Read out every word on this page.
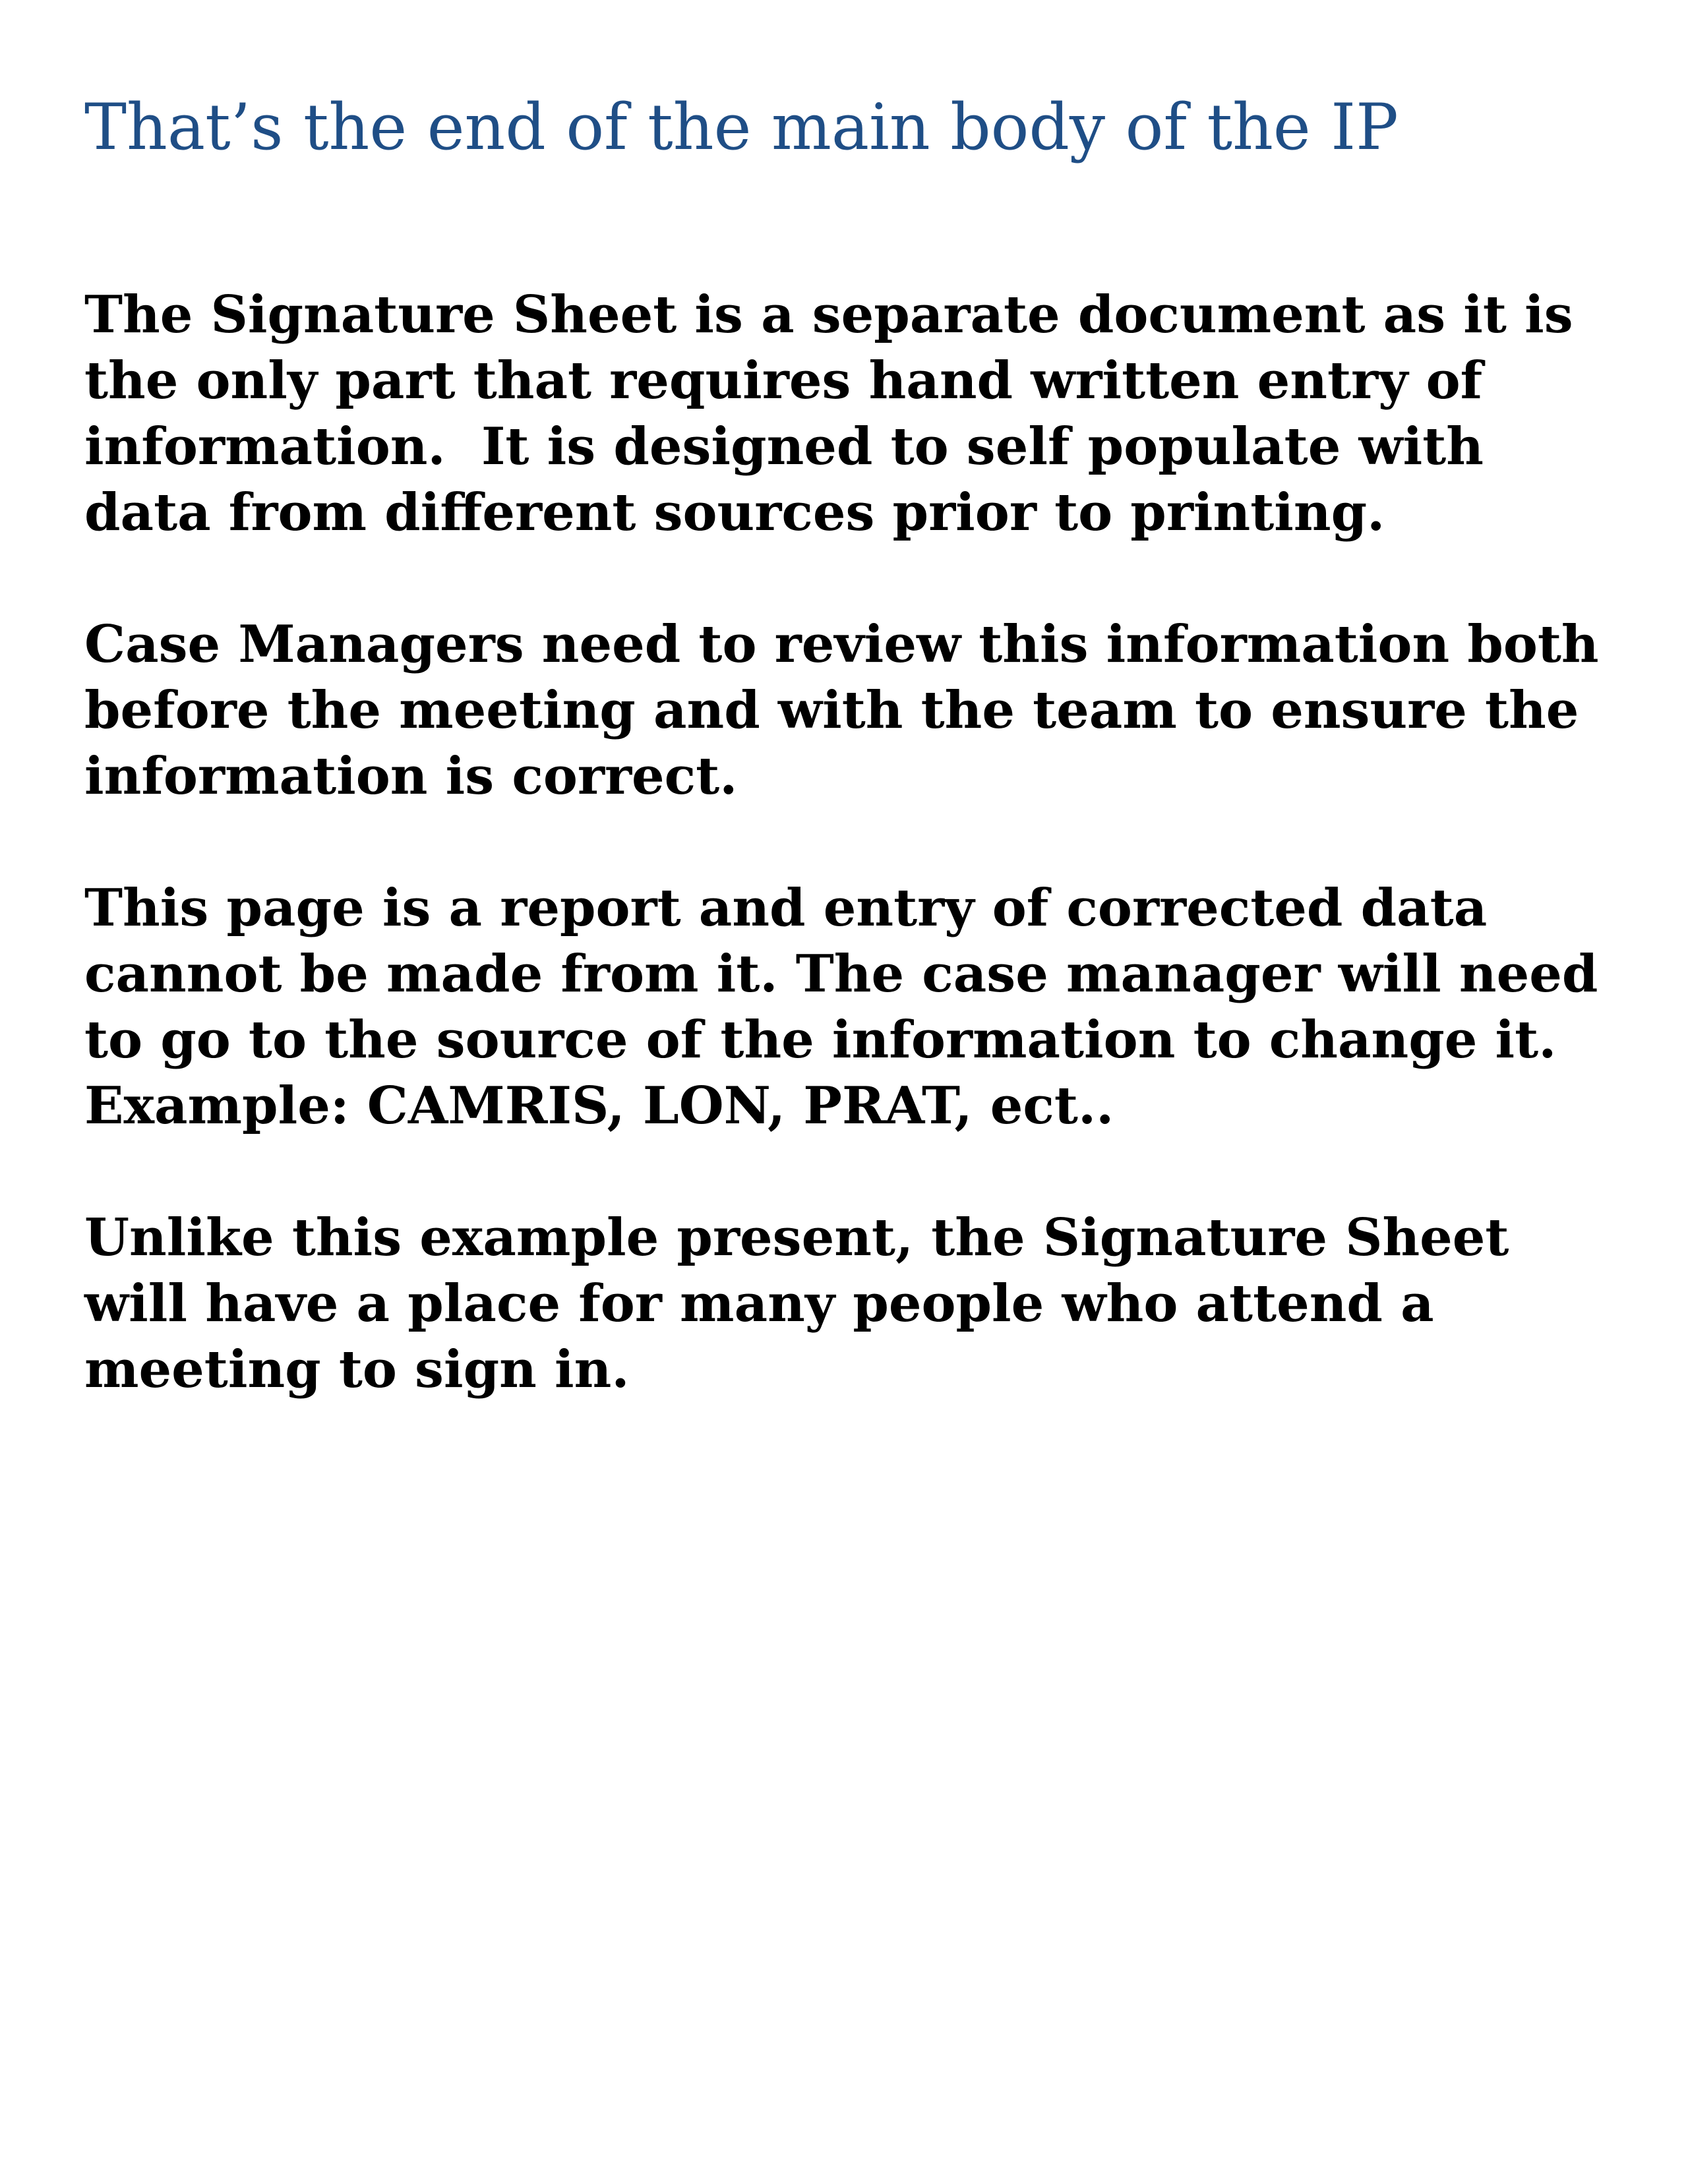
That’s the end of the main body of the IP

The Signature Sheet is a separate document as it is
the only part that requires hand written entry of
information.  It is designed to self populate with
data from different sources prior to printing.

Case Managers need to review this information both
before the meeting and with the team to ensure the
information is correct.

This page is a report and entry of corrected data
cannot be made from it. The case manager will need
to go to the source of the information to change it.
Example: CAMRIS, LON, PRAT, ect..

Unlike this example present, the Signature Sheet
will have a place for many people who attend a
meeting to sign in.
